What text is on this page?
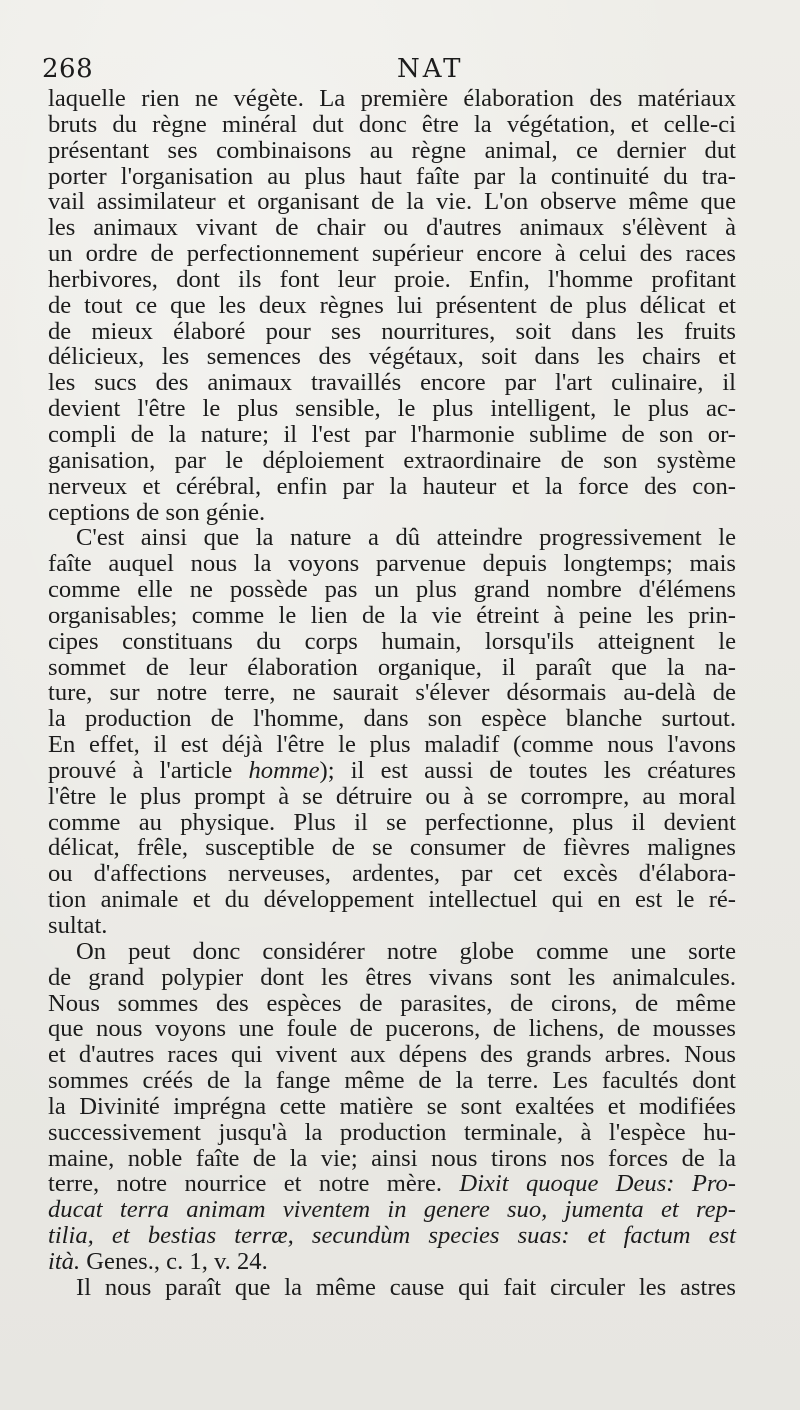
268	NAT
laquelle rien ne végète. La première élaboration des matériaux
bruts du règne minéral dut donc être la végétation, et celle-ci
présentant ses combinaisons au règne animal, ce dernier dut
porter l'organisation au plus haut faîte par la continuité du tra-
vail assimilateur et organisant de la vie. L'on observe même que
les animaux vivant de chair ou d'autres animaux s'élèvent à
un ordre de perfectionnement supérieur encore à celui des races
herbivores, dont ils font leur proie. Enfin, l'homme profitant
de tout ce que les deux règnes lui présentent de plus délicat et
de mieux élaboré pour ses nourritures, soit dans les fruits
délicieux, les semences des végétaux, soit dans les chairs et
les sucs des animaux travaillés encore par l'art culinaire, il
devient l'être le plus sensible, le plus intelligent, le plus ac-
compli de la nature; il l'est par l'harmonie sublime de son or-
ganisation, par le déploiement extraordinaire de son système
nerveux et cérébral, enfin par la hauteur et la force des con-
ceptions de son génie.
C'est ainsi que la nature a dû atteindre progressivement le
faîte auquel nous la voyons parvenue depuis longtemps; mais
comme elle ne possède pas un plus grand nombre d'élémens
organisables; comme le lien de la vie étreint à peine les prin-
cipes constituans du corps humain, lorsqu'ils atteignent le
sommet de leur élaboration organique, il paraît que la na-
ture, sur notre terre, ne saurait s'élever désormais au-delà de
la production de l'homme, dans son espèce blanche surtout.
En effet, il est déjà l'être le plus maladif (comme nous l'avons
prouvé à l'article homme); il est aussi de toutes les créatures
l'être le plus prompt à se détruire ou à se corrompre, au moral
comme au physique. Plus il se perfectionne, plus il devient
délicat, frêle, susceptible de se consumer de fièvres malignes
ou d'affections nerveuses, ardentes, par cet excès d'élabora-
tion animale et du développement intellectuel qui en est le ré-
sultat.
On peut donc considérer notre globe comme une sorte
de grand polypier dont les êtres vivans sont les animalcules.
Nous sommes des espèces de parasites, de cirons, de même
que nous voyons une foule de pucerons, de lichens, de mousses
et d'autres races qui vivent aux dépens des grands arbres. Nous
sommes créés de la fange même de la terre. Les facultés dont
la Divinité imprégna cette matière se sont exaltées et modifiées
successivement jusqu'à la production terminale, à l'espèce hu-
maine, noble faîte de la vie; ainsi nous tirons nos forces de la
terre, notre nourrice et notre mère. Dixit quoque Deus: Pro-
ducat terra animam viventem in genere suo, jumenta et rep-
tilia, et bestias terræ, secundùm species suas: et factum est
ità. Genes., c. 1, v. 24.
Il nous paraît que la même cause qui fait circuler les astres
